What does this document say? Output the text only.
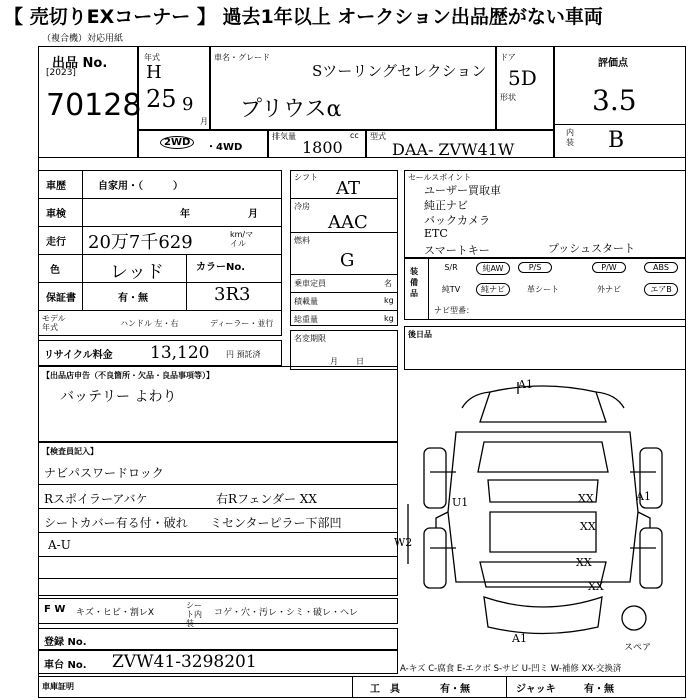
【 売切りEXコーナー 】 過去1年以上 オークション出品歴がない車両
（複合機）対応用紙
出品 No.
[2023]
70128
年式
H
25 9
月
車名・グレード
Sツーリングセレクション
プリウスα
ドア
5D
形状
評価点
3.5
内装 B
2WD	・4WD
排気量	cc
1800
型式
DAA- ZVW41W
車歴	自家用・（　　　）
車検	年	月
走行 20万7千629	km/マイル
色	レッド	カラーNo.
3R3
保証書	有・無
モデル年式	ハンドル 左・右	ディーラー・並行
シフト
AT
冷房
AAC
燃料
G
乗車定員	名
積載量	kg
総重量	kg
名変期限
月日
セールスポイント
ユーザー買取車
純正ナビ
バックカメラ
ETC
スマートキー	プッシュスタート
装備品
S/R	純AW	P/S	P/W	ABS
純TV	純ナビ	革シート	外ナビ	エアB
ナビ型番：
後日品
リサイクル料金 13,120 円 預託済
【出品店申告（不良箇所・欠品・良品事項等）】
バッテリー よわり
【検査員記入】
ナビパスワードロック
Rスポイラーアバケ
シートカバー有る付・破れ
A-U
右Rフェンダー XX
ミセンターピラー下部凹
F W キズ・ヒビ・割レX
シート内装
コゲ・穴・汚レ・シミ・破レ・ヘレ
登録 No.
車台 No. ZVW41-3298201	A-キズ C-腐食 E-エクボ S-サビ U-凹ミ W-補修 XX-交換済
車庫証明	工　具	有・無	ジャッキ	有・無
A1
U1	XX
XX
A1
XX
XX
A1
W2
スペア
